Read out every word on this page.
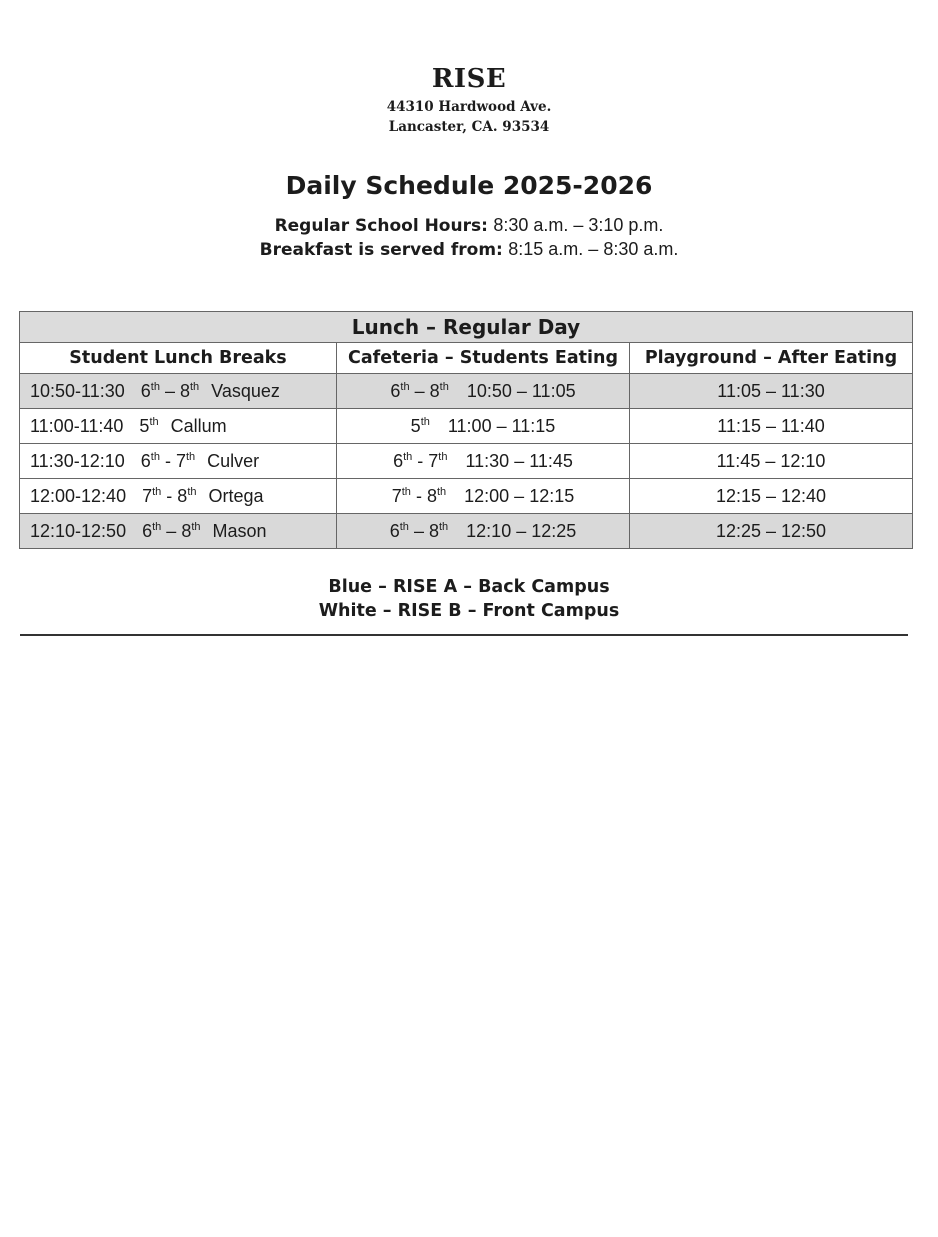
RISE
44310 Hardwood Ave.
Lancaster, CA. 93534
Daily Schedule 2025-2026
Regular School Hours: 8:30 a.m. – 3:10 p.m.
Breakfast is served from: 8:15 a.m. – 8:30 a.m.
Lunch – Regular Day		
Student Lunch Breaks	Cafeteria – Students Eating	Playground – After Eating
10:50-11:30 6th – 8th Vasquez	6th – 8th 10:50 – 11:05	11:05 – 11:30
11:00-11:40 5th Callum	5th 11:00 – 11:15	11:15 – 11:40
11:30-12:10 6th - 7th Culver	6th - 7th 11:30 – 11:45	11:45 – 12:10
12:00-12:40 7th - 8th Ortega	7th - 8th 12:00 – 12:15	12:15 – 12:40
12:10-12:50 6th – 8th Mason	6th – 8th 12:10 – 12:25	12:25 – 12:50
Blue – RISE A – Back Campus
White – RISE B – Front Campus
